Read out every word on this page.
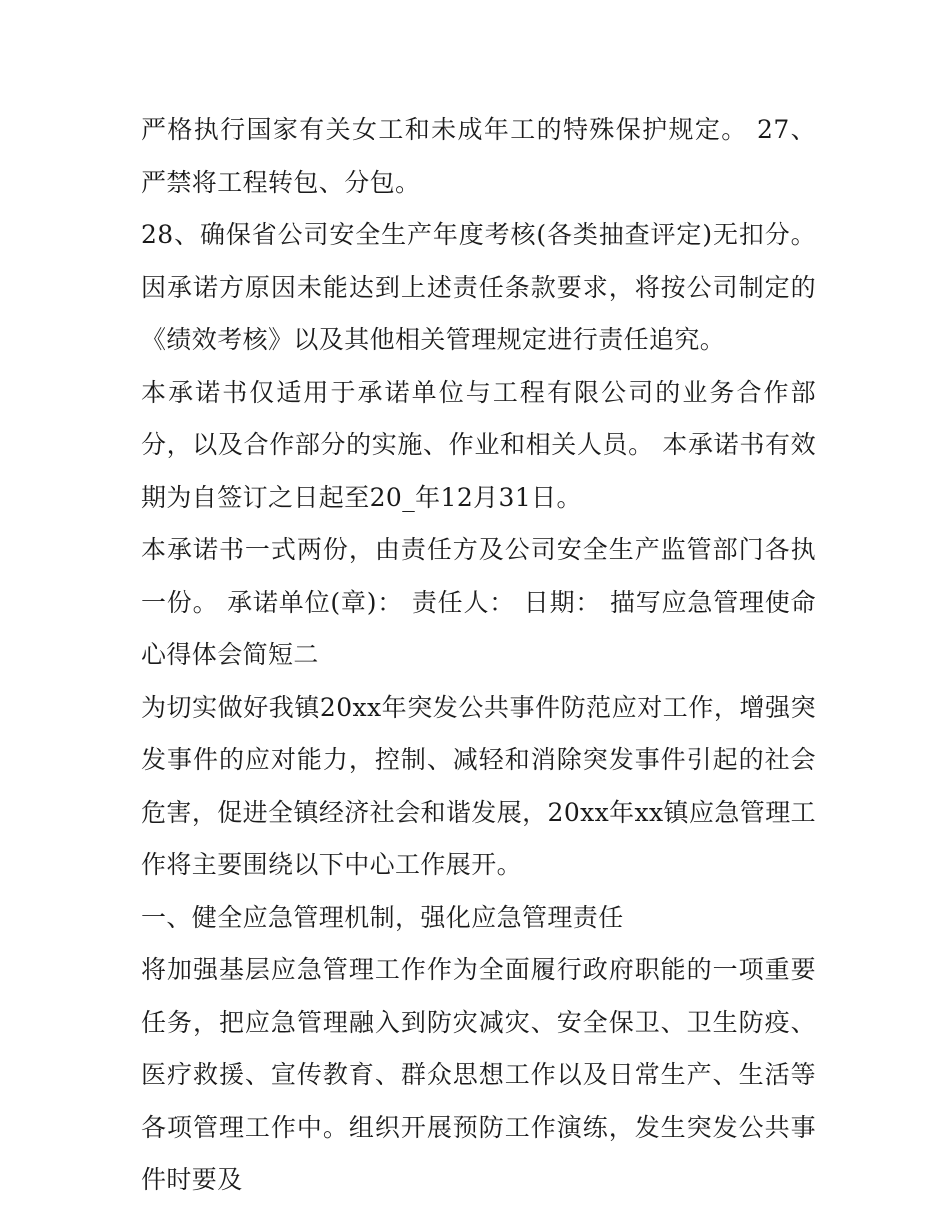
严格执行国家有关女工和未成年工的特殊保护规定。 27、严禁将工程转包、分包。

28、确保省公司安全生产年度考核(各类抽查评定)无扣分。 因承诺方原因未能达到上述责任条款要求，将按公司制定的《绩效考核》以及其他相关管理规定进行责任追究。

本承诺书仅适用于承诺单位与工程有限公司的业务合作部分，以及合作部分的实施、作业和相关人员。 本承诺书有效期为自签订之日起至20_年12月31日。

本承诺书一式两份，由责任方及公司安全生产监管部门各执一份。 承诺单位(章)： 责任人： 日期： 描写应急管理使命心得体会简短二

为切实做好我镇20xx年突发公共事件防范应对工作，增强突发事件的应对能力，控制、减轻和消除突发事件引起的社会危害，促进全镇经济社会和谐发展，20xx年xx镇应急管理工作将主要围绕以下中心工作展开。

一、健全应急管理机制，强化应急管理责任

将加强基层应急管理工作作为全面履行政府职能的一项重要任务，把应急管理融入到防灾减灾、安全保卫、卫生防疫、医疗救援、宣传教育、群众思想工作以及日常生产、生活等各项管理工作中。组织开展预防工作演练，发生突发公共事件时要及
